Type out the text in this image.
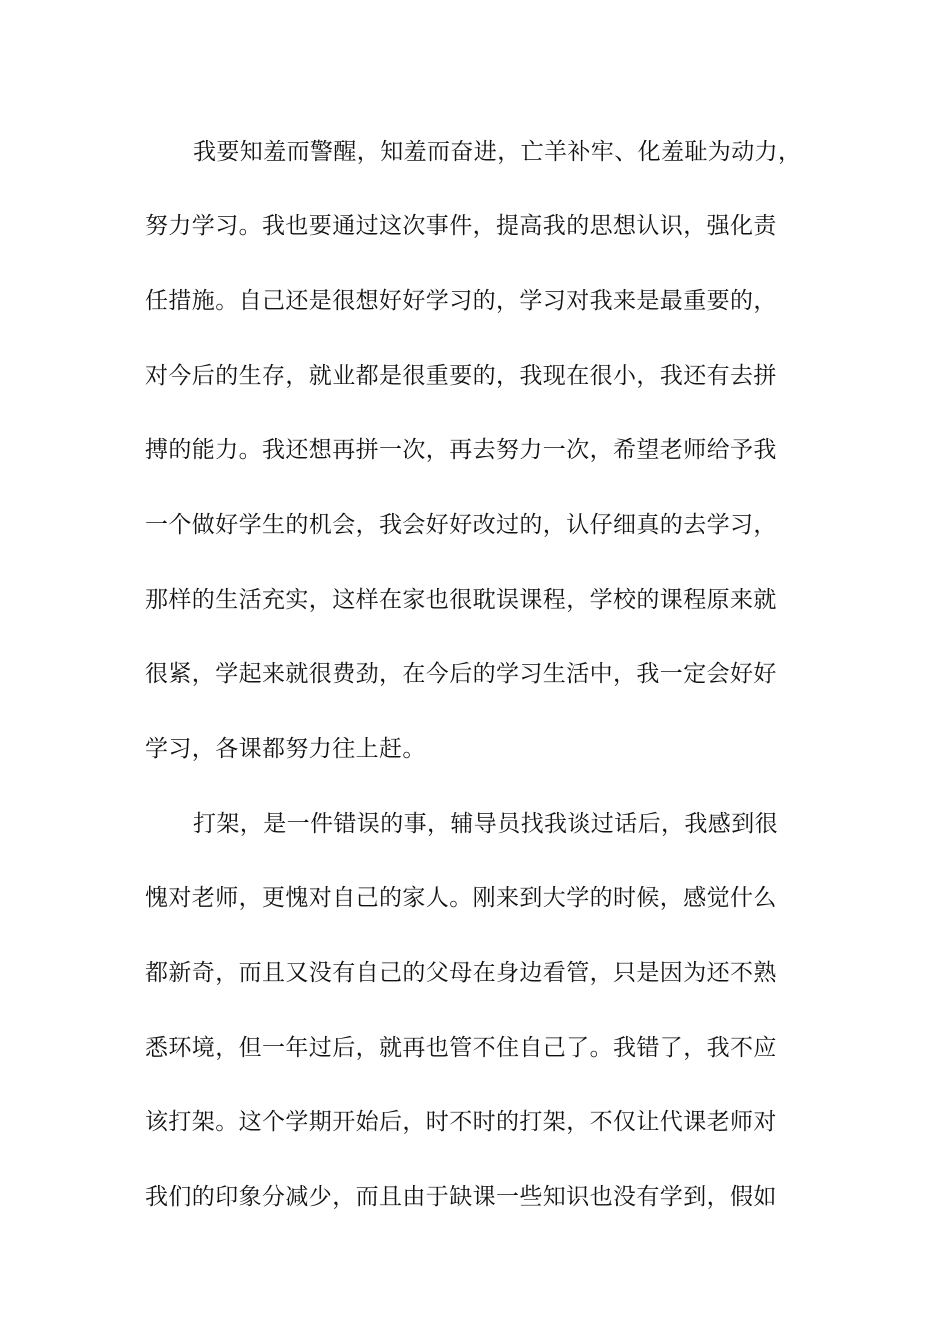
我要知羞而警醒，知羞而奋进，亡羊补牢、化羞耻为动力，
努力学习。我也要通过这次事件，提高我的思想认识，强化责
任措施。自己还是很想好好学习的，学习对我来是最重要的，
对今后的生存，就业都是很重要的，我现在很小，我还有去拼
搏的能力。我还想再拼一次，再去努力一次，希望老师给予我
一个做好学生的机会，我会好好改过的，认仔细真的去学习，
那样的生活充实，这样在家也很耽误课程，学校的课程原来就
很紧，学起来就很费劲，在今后的学习生活中，我一定会好好
学习，各课都努力往上赶。
打架，是一件错误的事，辅导员找我谈过话后，我感到很
愧对老师，更愧对自己的家人。刚来到大学的时候，感觉什么
都新奇，而且又没有自己的父母在身边看管，只是因为还不熟
悉环境，但一年过后，就再也管不住自己了。我错了，我不应
该打架。这个学期开始后，时不时的打架，不仅让代课老师对
我们的印象分减少，而且由于缺课一些知识也没有学到，假如
